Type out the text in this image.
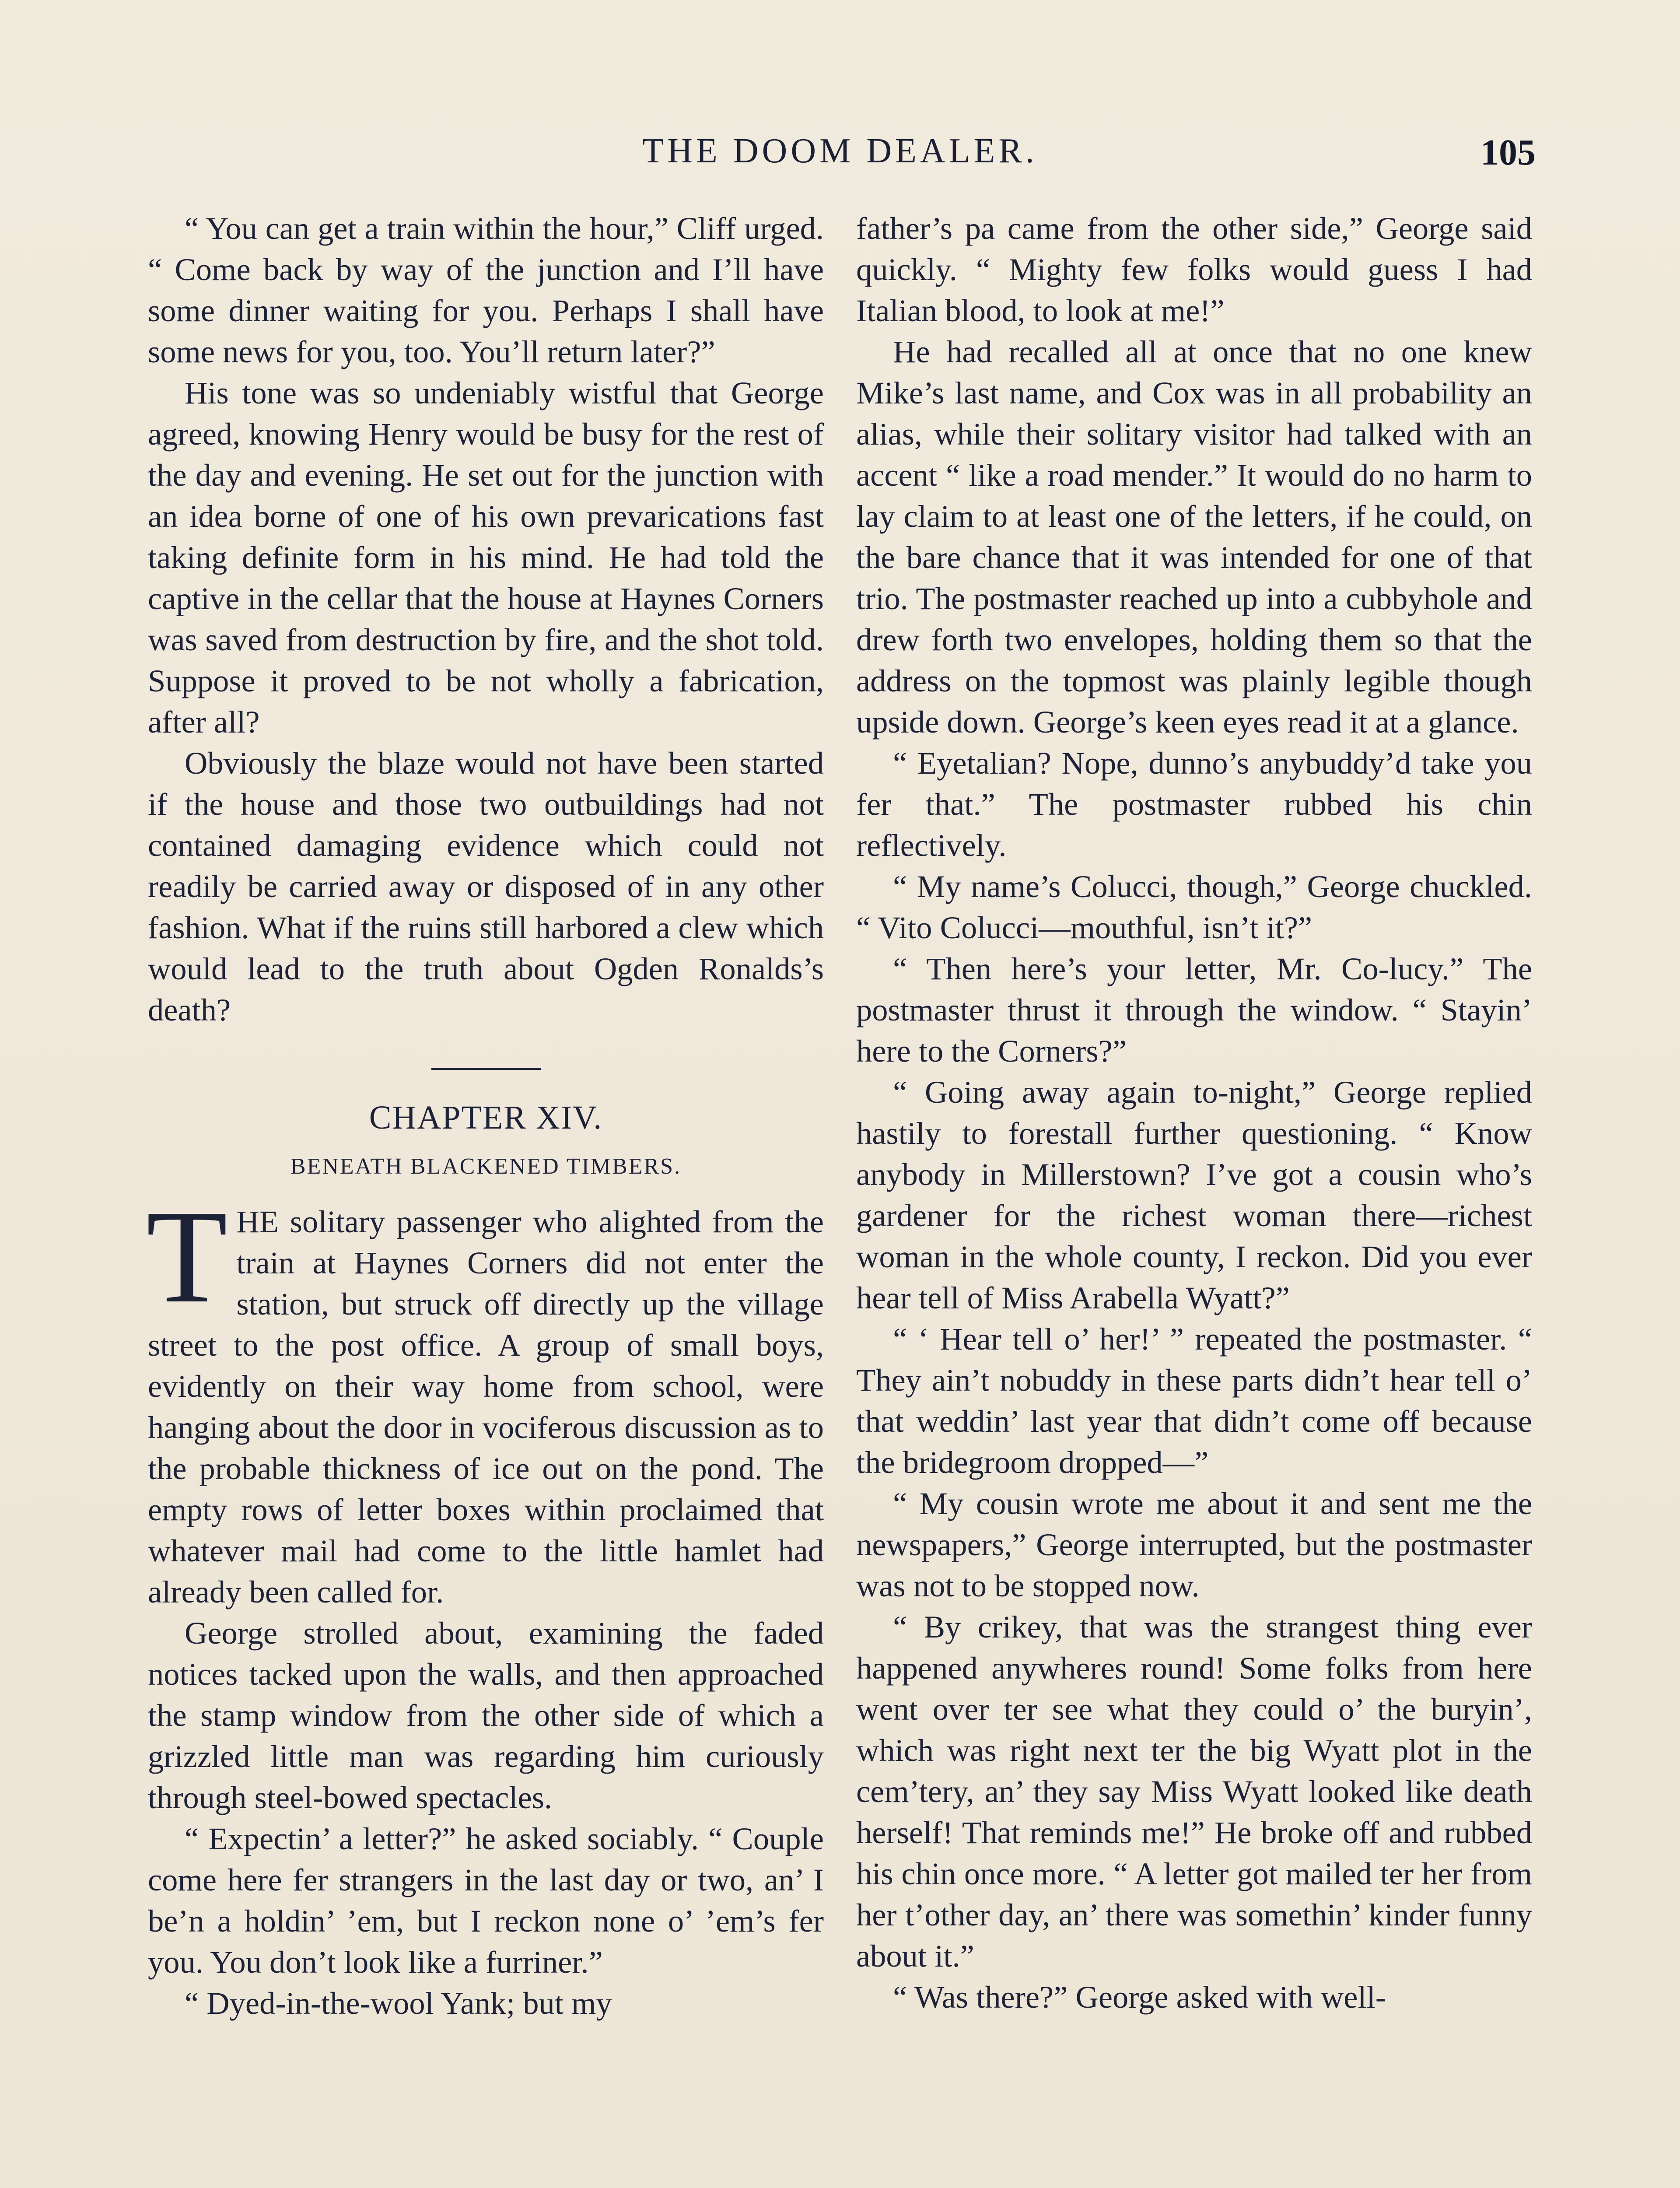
THE DOOM DEALER.	105

“ You can get a train within the hour,” Cliff urged. “ Come back by way of the junction and I’ll have some dinner waiting for you. Perhaps I shall have some news for you, too. You’ll return later?”

His tone was so undeniably wistful that George agreed, knowing Henry would be busy for the rest of the day and evening. He set out for the junction with an idea borne of one of his own prevarications fast taking definite form in his mind. He had told the captive in the cellar that the house at Haynes Corners was saved from destruction by fire, and the shot told. Suppose it proved to be not wholly a fabrication, after all?

Obviously the blaze would not have been started if the house and those two outbuildings had not contained damaging evidence which could not readily be carried away or disposed of in any other fashion. What if the ruins still harbored a clew which would lead to the truth about Ogden Ronalds’s death?

CHAPTER XIV.
BENEATH BLACKENED TIMBERS.

THE solitary passenger who alighted from the train at Haynes Corners did not enter the station, but struck off directly up the village street to the post office. A group of small boys, evidently on their way home from school, were hanging about the door in vociferous discussion as to the probable thickness of ice out on the pond. The empty rows of letter boxes within proclaimed that whatever mail had come to the little hamlet had already been called for.

George strolled about, examining the faded notices tacked upon the walls, and then approached the stamp window from the other side of which a grizzled little man was regarding him curiously through steel-bowed spectacles.

“ Expectin’ a letter?” he asked sociably. “ Couple come here fer strangers in the last day or two, an’ I be’n a holdin’ ’em, but I reckon none o’ ’em’s fer you. You don’t look like a furriner.”

“ Dyed-in-the-wool Yank; but my

father’s pa came from the other side,” George said quickly. “ Mighty few folks would guess I had Italian blood, to look at me!”

He had recalled all at once that no one knew Mike’s last name, and Cox was in all probability an alias, while their solitary visitor had talked with an accent “ like a road mender.” It would do no harm to lay claim to at least one of the letters, if he could, on the bare chance that it was intended for one of that trio. The postmaster reached up into a cubbyhole and drew forth two envelopes, holding them so that the address on the topmost was plainly legible though upside down. George’s keen eyes read it at a glance.

“ Eyetalian? Nope, dunno’s anybuddy’d take you fer that.” The postmaster rubbed his chin reflectively.

“ My name’s Colucci, though,” George chuckled. “ Vito Colucci—mouthful, isn’t it?”

“ Then here’s your letter, Mr. Co-lucy.” The postmaster thrust it through the window. “ Stayin’ here to the Corners?”

“ Going away again to-night,” George replied hastily to forestall further questioning. “ Know anybody in Millerstown? I’ve got a cousin who’s gardener for the richest woman there—richest woman in the whole county, I reckon. Did you ever hear tell of Miss Arabella Wyatt?”

“ ‘ Hear tell o’ her!’ ” repeated the postmaster. “ They ain’t nobuddy in these parts didn’t hear tell o’ that weddin’ last year that didn’t come off because the bridegroom dropped—”

“ My cousin wrote me about it and sent me the newspapers,” George interrupted, but the postmaster was not to be stopped now.

“ By crikey, that was the strangest thing ever happened anywheres round! Some folks from here went over ter see what they could o’ the buryin’, which was right next ter the big Wyatt plot in the cem’tery, an’ they say Miss Wyatt looked like death herself! That reminds me!” He broke off and rubbed his chin once more. “ A letter got mailed ter her from her t’other day, an’ there was somethin’ kinder funny about it.”

“ Was there?” George asked with well-
